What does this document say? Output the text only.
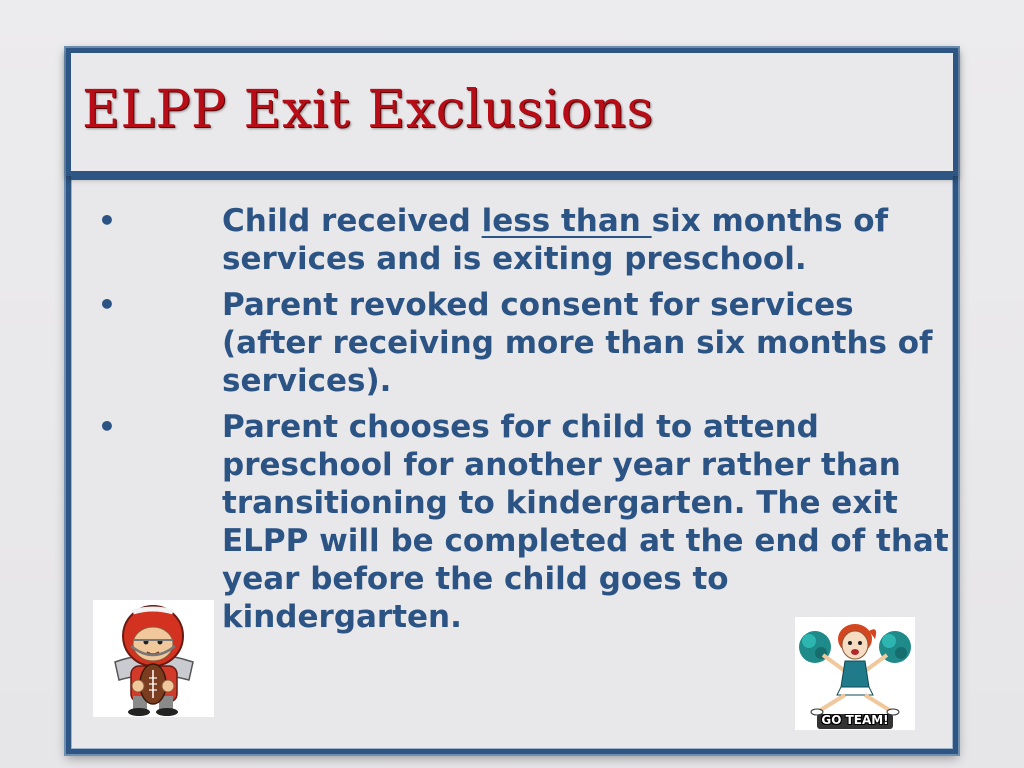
ELPP Exit Exclusions
•	Child received less than six months of services and is exiting preschool.
•	Parent revoked consent for services (after receiving more than six months of services).
•	Parent chooses for child to attend preschool for another year rather than transitioning to kindergarten. The exit ELPP will be completed at the end of that year before the child goes to kindergarten.
GO TEAM!
